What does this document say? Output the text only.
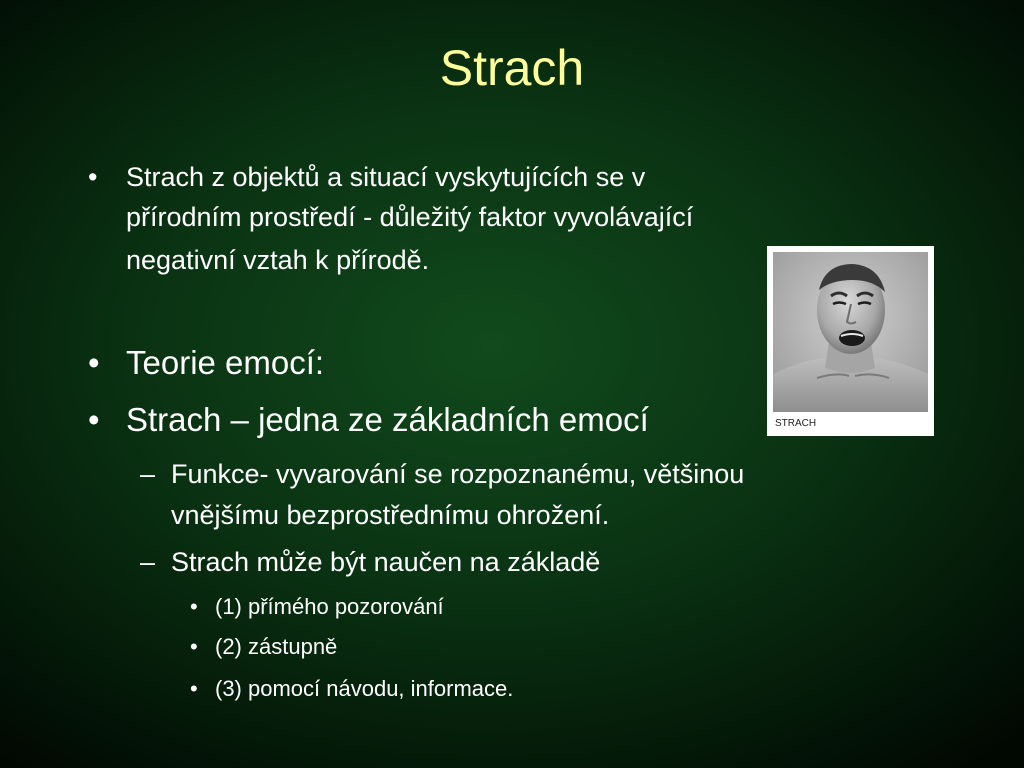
Strach
• Strach z objektů a situací vyskytujících se v
přírodním prostředí - důležitý faktor vyvolávající
negativní vztah k přírodě.
• Teorie emocí:
• Strach – jedna ze základních emocí
– Funkce- vyvarování se rozpoznanému, většinou
vnějšímu bezprostřednímu ohrožení.
– Strach může být naučen na základě
• (1) přímého pozorování
• (2) zástupně
• (3) pomocí návodu, informace.
STRACH
